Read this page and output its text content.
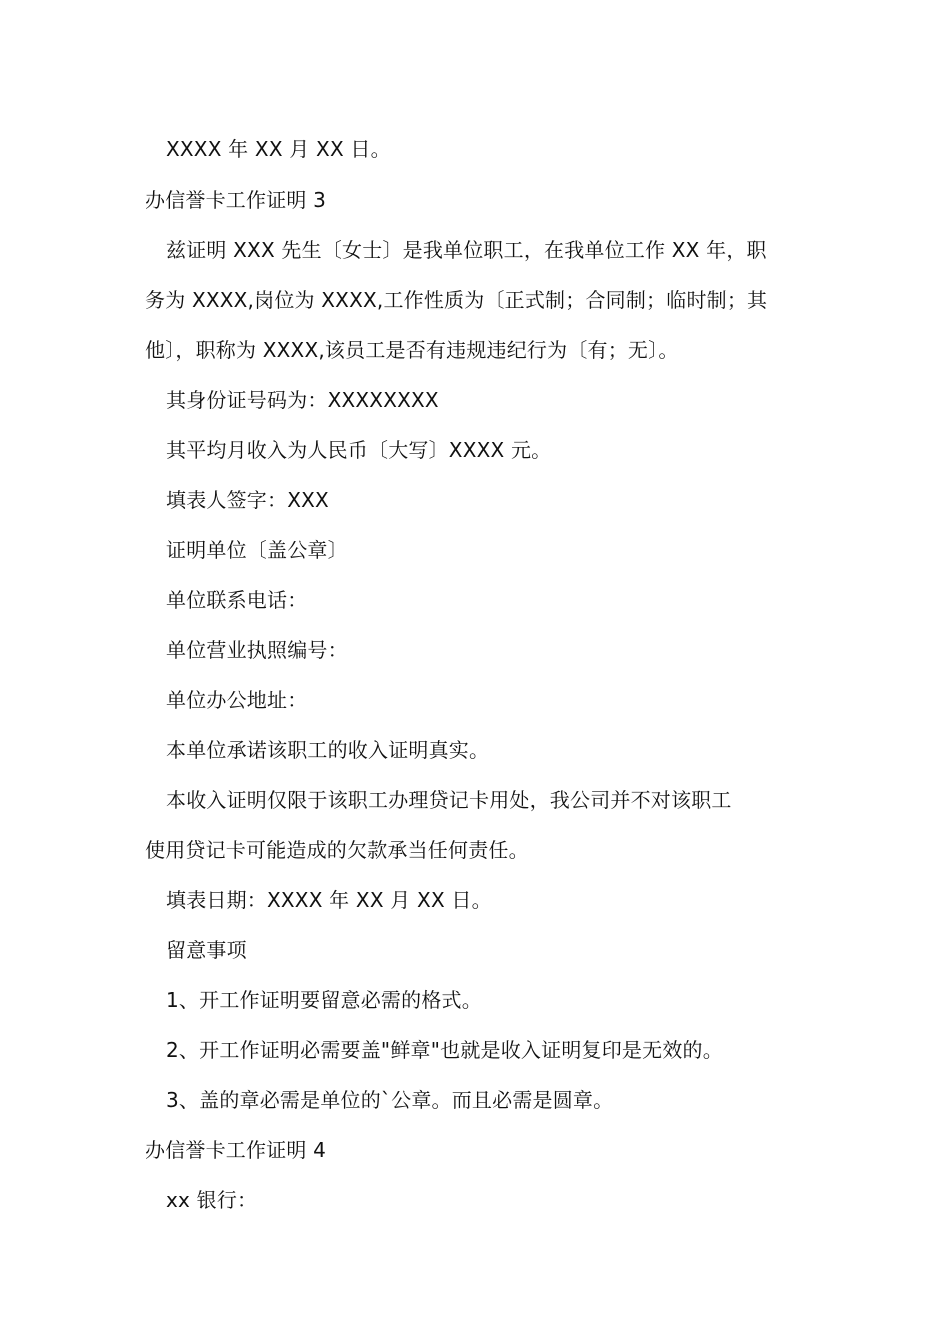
XXXX 年 XX 月 XX 日。
办信誉卡工作证明 3
兹证明 XXX 先生〔女士〕是我单位职工，在我单位工作 XX 年，职
务为 XXXX,岗位为 XXXX,工作性质为〔正式制；合同制；临时制；其
他〕，职称为 XXXX,该员工是否有违规违纪行为〔有；无〕。
其身份证号码为：XXXXXXXX
其平均月收入为人民币〔大写〕XXXX 元。
填表人签字：XXX
证明单位〔盖公章〕
单位联系电话：
单位营业执照编号：
单位办公地址：
本单位承诺该职工的收入证明真实。
本收入证明仅限于该职工办理贷记卡用处，我公司并不对该职工
使用贷记卡可能造成的欠款承当任何责任。
填表日期：XXXX 年 XX 月 XX 日。
留意事项
1、开工作证明要留意必需的格式。
2、开工作证明必需要盖"鲜章"也就是收入证明复印是无效的。
3、盖的章必需是单位的`公章。而且必需是圆章。
办信誉卡工作证明 4
xx 银行：
